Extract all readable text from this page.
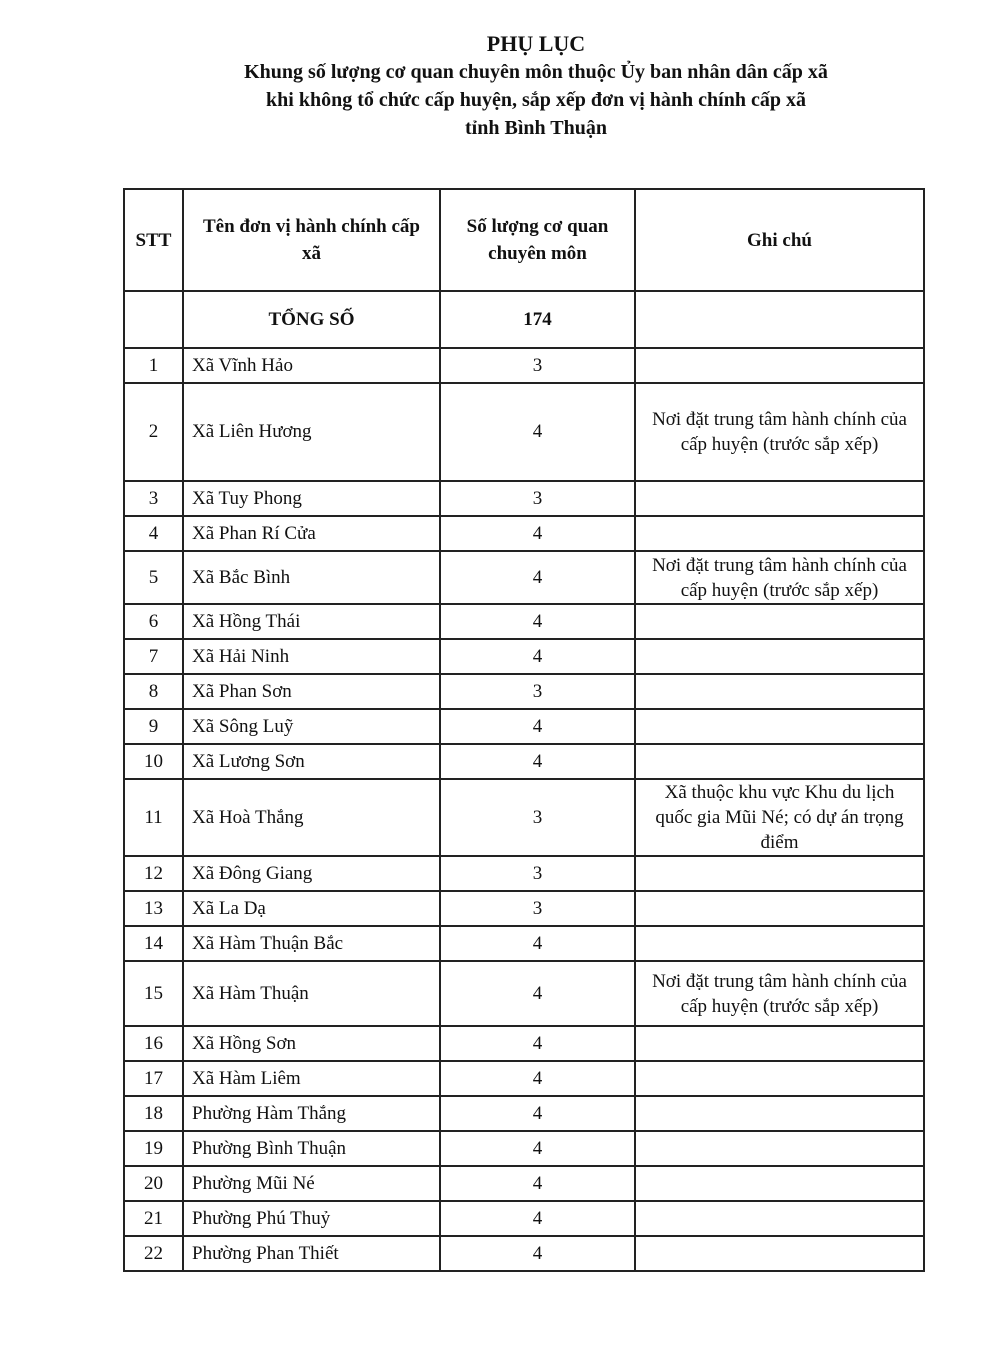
PHỤ LỤC
Khung số lượng cơ quan chuyên môn thuộc Ủy ban nhân dân cấp xã
khi không tổ chức cấp huyện, sắp xếp đơn vị hành chính cấp xã
tỉnh Bình Thuận
STT	Tên đơn vị hành chính cấp xã	Số lượng cơ quan chuyên môn	Ghi chú
	TỔNG SỐ	174	
1	Xã Vĩnh Hảo	3	
2	Xã Liên Hương	4	Nơi đặt trung tâm hành chính của cấp huyện (trước sắp xếp)
3	Xã Tuy Phong	3	
4	Xã Phan Rí Cửa	4	
5	Xã Bắc Bình	4	Nơi đặt trung tâm hành chính của cấp huyện (trước sắp xếp)
6	Xã Hồng Thái	4	
7	Xã Hải Ninh	4	
8	Xã Phan Sơn	3	
9	Xã Sông Luỹ	4	
10	Xã Lương Sơn	4	
11	Xã Hoà Thắng	3	Xã thuộc khu vực Khu du lịch quốc gia Mũi Né; có dự án trọng điểm
12	Xã Đông Giang	3	
13	Xã La Dạ	3	
14	Xã Hàm Thuận Bắc	4	
15	Xã Hàm Thuận	4	Nơi đặt trung tâm hành chính của cấp huyện (trước sắp xếp)
16	Xã Hồng Sơn	4	
17	Xã Hàm Liêm	4	
18	Phường Hàm Thắng	4	
19	Phường Bình Thuận	4	
20	Phường Mũi Né	4	
21	Phường Phú Thuỷ	4	
22	Phường Phan Thiết	4	
